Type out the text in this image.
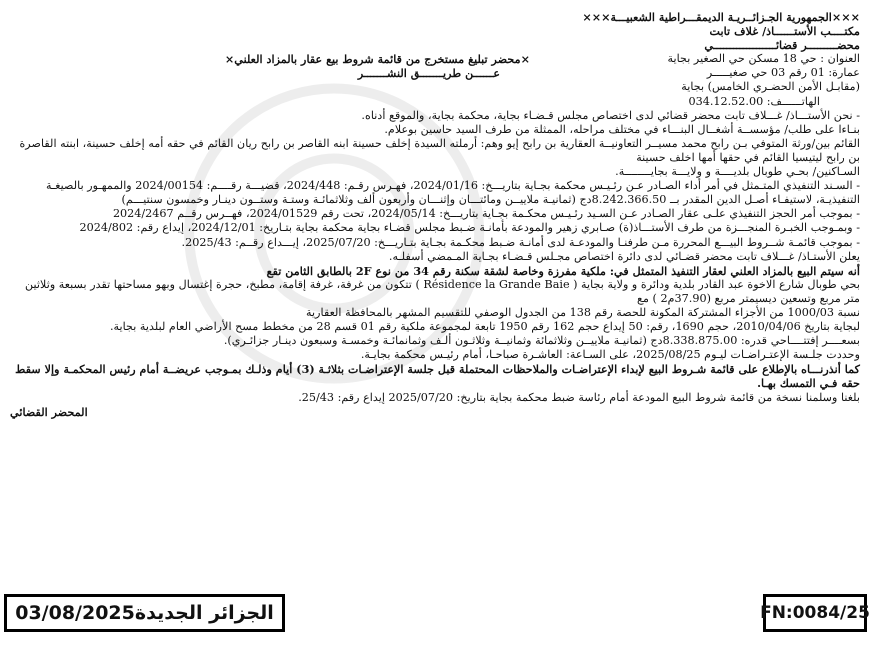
×××الجمهورية الجـزائــريـة الديمقـــراطية الشعبيـــة×××

مكتــــب الأستــــــاذ/ غلاف تابت

محضـــــــــر قضائـــــــــــــــــــي

العنوان : حي 18 مسكن حي الصغير بجاية

عمارة: 01 رقم 03 حي صغيـــــر

(مقابـل الأمن الحضـري الخامس) بجاية

الهاتــــــف: 034.12.52.00

×محضر تبليغ مستخرج من قائمة شروط بيع عقار بالمزاد العلني×

عــــــن طريـــــــق النشـــــــر

- نحن الأستـــاذ/ غـــلاف تابت محضر قضائي لدى اختصاص مجلس قـضـاء بجاية، محكمة بجاية، والموقع أدناه.

بنـاءا على طلب/ مؤسســة أشغــال البنـــاء في مختلف مراحله، الممثلة من طرف السيد حاسين بوعلام.

القائم بين/ورثة المتوفي بـن رابح محمد مسيــر التعاونيــة العقارية بن رابح إيو وهم: أرملته السيدة إخلف حسينة ابنه القاصر بن رابح ريان القائم في حقه أمه إخلف حسينة، ابنته القاصرة بن رابح ليتيسيا القائم في حقها أمها اخلف حسينة

السـاكنين/ بحـي طوبال بلديــــة و ولايـــة بجايــــــــة.

- السـند التنفيذي المتـمثل في أمر أداء الصـادر عـن رئـيـس محكمة بجـاية بتاريـــخ: 2024/01/16، فهـرس رقـم: 2024/448، قضيـــة رقــــم: 2024/00154 والممهـور بالصيغـة التنفيذيـة، لاستيفـاء أصـل الدين المقدر بــ 8.242.366.50دج (ثمانيـة ملاييــن ومائتـــان وإثنـــان وأربعون ألف وثلاثمائـة وستـة وستــون دينـار وخمسون سنتيـــم)

- بموجب أمر الحجز التنفيذي علـى عقار الصـادر عـن السـيد رئـيـس محكـمة بجـاية بتاريـــخ: 2024/05/14، تحت رقم 2024/01529، فهــرس رقــم 2024/2467

- وبمـوجب الخبـرة المنجـــزة من طرف الأستـــاذ(ة) صـابري زهير والمودعة بأمانـة ضـبط مجلس قضـاء بجاية محكمة بجاية بتـاريخ: 2024/12/01، إيداع رقم: 2024/802

- بموجب قائمـة شــروط البيـــع المحررة مـن طرفنـا والمودعـة لدى أمانـة ضـبط محكـمة بجـاية بتـاريـــخ: 2025/07/20، إيـــداع رقــم: 2025/43.

يعلن الأستـاذ/ غـــلاف تابت محضر قضـائي لدى دائرة اختصاص مجـلس قـضـاء بجـاية المـمضي أسفلـه.

أنه سيتم البيع بالمزاد العلني لعقار التنفيذ المتمثل في: ملكية مفرزة وخاصة لشقة سكنة رقم 34 من نوع 2F بالطابق الثامن تقع

بحي طوبال شارع الاخوة عبد القادر بلدية ودائرة و ولاية بجاية ( Résidence la Grande Baie ) تتكون من غرفة، غرفة إقامة، مطبخ، حجرة إغتسال وبهو مساحتها تقدر بسبعة وثلاثين متر مربع وتسعين ديسيمتر مربع (37.90م2 ) مع

نسبة 1000/03 من الأجزاء المشتركة المكونة للحصة رقم 138 من الجدول الوصفي للتقسيم المشهر بالمحافظة العقارية

لبجاية بتاريخ 2010/04/06، حجم 1690، رقم: 50 إيداع حجم 162 رقم 1950 تابعة لمجموعة ملكية رقم 01 قسم 28 من مخطط مسح الأراضي العام لبلدية بجاية.

بسعــــر إفتتــــاحي قدره: 8.338.875.00دج (ثمانيـة ملاييــن وثلاثمائة وثمانيــة وثلاثـون ألـف وثمانمائـة وخمسـة وسبعون دينـار جزائـري).

وحددت جلـسة الإعتـراضـات ليـوم 2025/08/25، على السـاعة: العاشـرة صباحـا، أمام رئيـس محكمة بجايـة.

كما أنذرنـــاه بالإطلاع على قائمة شـروط البيع لإبداء الإعتراضـات والملاحظات المحتملة قبل جلسة الإعتراضـات بثلاثـة (3) أيام وذلـك بمـوجب عريضــة أمام رئيس المحكمـة وإلا سقط حقه فـي التمسك بهـا.

بلغنا وسلمنا نسخة من قائمة شروط البيع المودعة أمام رئاسة ضبط محكمة بجاية بتاريخ: 2025/07/20 إيداع رقم: 25/43.

المحضر القضائي

الجزائر الجديدة03/08/2025	FN:0084/25
